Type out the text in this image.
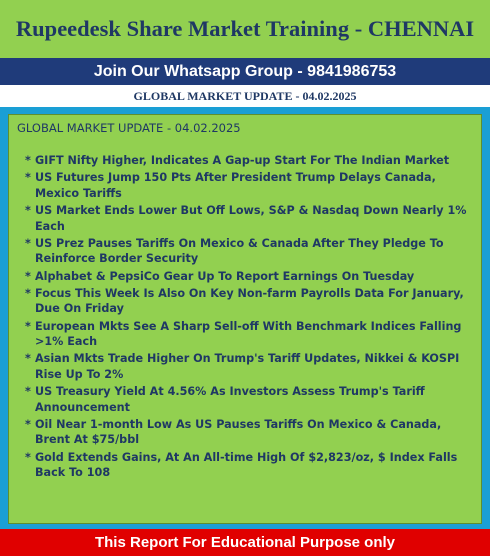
Rupeedesk Share Market Training - CHENNAI
Join Our Whatsapp Group - 9841986753
GLOBAL MARKET UPDATE - 04.02.2025
GLOBAL MARKET UPDATE - 04.02.2025
* GIFT Nifty Higher, Indicates A Gap-up Start For The Indian Market
* US Futures Jump 150 Pts After President Trump Delays Canada, Mexico Tariffs
* US Market Ends Lower But Off Lows, S&P & Nasdaq Down Nearly 1% Each
* US Prez Pauses Tariffs On Mexico & Canada After They Pledge To Reinforce Border Security
* Alphabet & PepsiCo Gear Up To Report Earnings On Tuesday
* Focus This Week Is Also On Key Non-farm Payrolls Data For January, Due On Friday
* European Mkts See A Sharp Sell-off With Benchmark Indices Falling >1% Each
* Asian Mkts Trade Higher On Trump's Tariff Updates, Nikkei & KOSPI Rise Up To 2%
* US Treasury Yield At 4.56% As Investors Assess Trump's Tariff Announcement
* Oil Near 1-month Low As US Pauses Tariffs On Mexico & Canada, Brent At $75/bbl
* Gold Extends Gains, At An All-time High Of $2,823/oz, $ Index Falls Back To 108
This Report For Educational Purpose only
